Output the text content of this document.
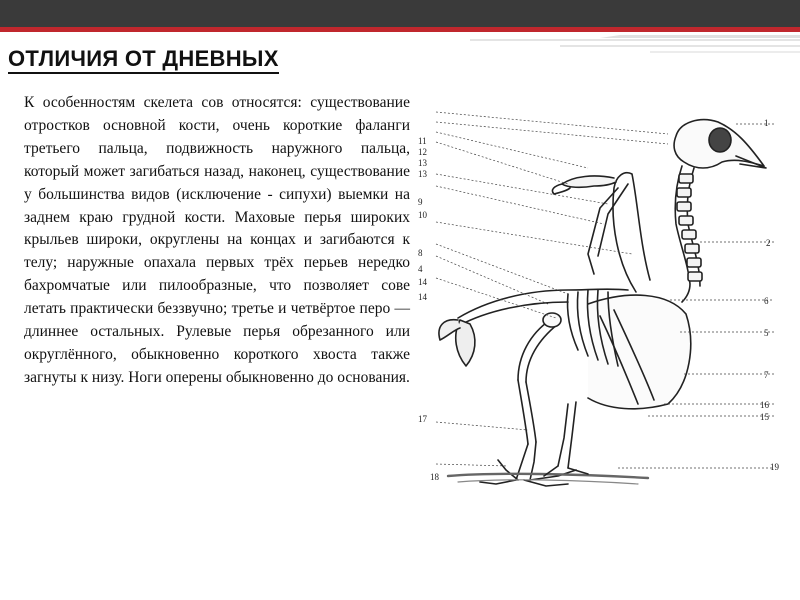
ОТЛИЧИЯ ОТ ДНЕВНЫХ
К особенностям скелета сов относятся: существование отростков основной кости, очень короткие фаланги третьего пальца, подвижность наружного пальца, который может загибаться назад, наконец, существование у большинства видов (исключение - сипухи) выемки на заднем краю грудной кости. Маховые перья широких крыльев широки, округлены на концах и загибаются к телу; наружные опахала первых трёх перьев нередко бахромчатые или пилообразные, что позволяет сове летать практически беззвучно; третье и четвёртое перо — длиннее остальных. Рулевые перья обрезанного или округлённого, обыкновенно короткого хвоста также загнуты к низу. Ноги оперены обыкновенно до основания.
11
12
13
13
9
10
8
4
14
14
17
18
1
2
6
5
7
16
15
19
